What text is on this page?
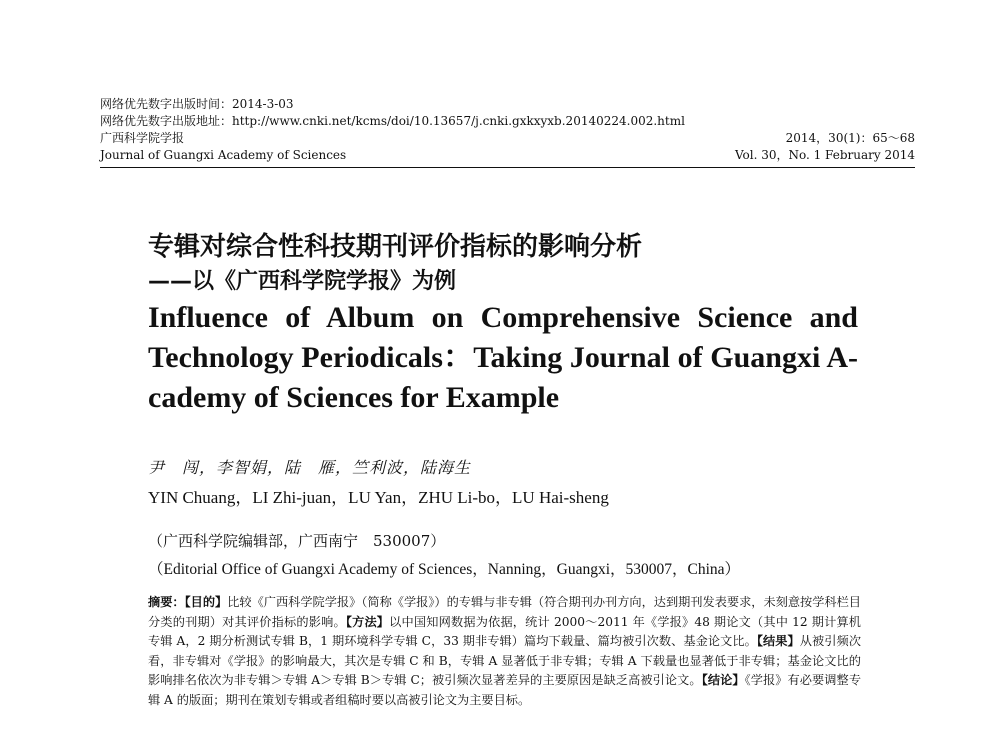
网络优先数字出版时间：2014-3-03
网络优先数字出版地址：http://www.cnki.net/kcms/doi/10.13657/j.cnki.gxkxyxb.20140224.002.html
广西科学院学报	2014，30(1)：65～68
Journal of Guangxi Academy of Sciences	Vol. 30，No. 1 February 2014
专辑对综合性科技期刊评价指标的影响分析
——以《广西科学院学报》为例
Influence of Album on Comprehensive Science and Technology Periodicals：Taking Journal of Guangxi A-cademy of Sciences for Example
尹　闯，李智娟，陆　雁，竺利波，陆海生
YIN Chuang，LI Zhi-juan，LU Yan，ZHU Li-bo，LU Hai-sheng
（广西科学院编辑部，广西南宁　530007）
（Editorial Office of Guangxi Academy of Sciences，Nanning，Guangxi，530007，China）
摘要：【目的】比较《广西科学院学报》（简称《学报》）的专辑与非专辑（符合期刊办刊方向，达到期刊发表要求，未刻意按学科栏目分类的刊期）对其评价指标的影响。【方法】以中国知网数据为依据，统计 2000～2011 年《学报》48 期论文（其中 12 期计算机专辑 A，2 期分析测试专辑 B，1 期环境科学专辑 C，33 期非专辑）篇均下载量、篇均被引次数、基金论文比。【结果】从被引频次看，非专辑对《学报》的影响最大，其次是专辑 C 和 B，专辑 A 显著低于非专辑；专辑 A 下载量也显著低于非专辑；基金论文比的影响排名依次为非专辑＞专辑 A＞专辑 B＞专辑 C；被引频次显著差异的主要原因是缺乏高被引论文。【结论】《学报》有必要调整专辑 A 的版面；期刊在策划专辑或者组稿时要以高被引论文为主要目标。
